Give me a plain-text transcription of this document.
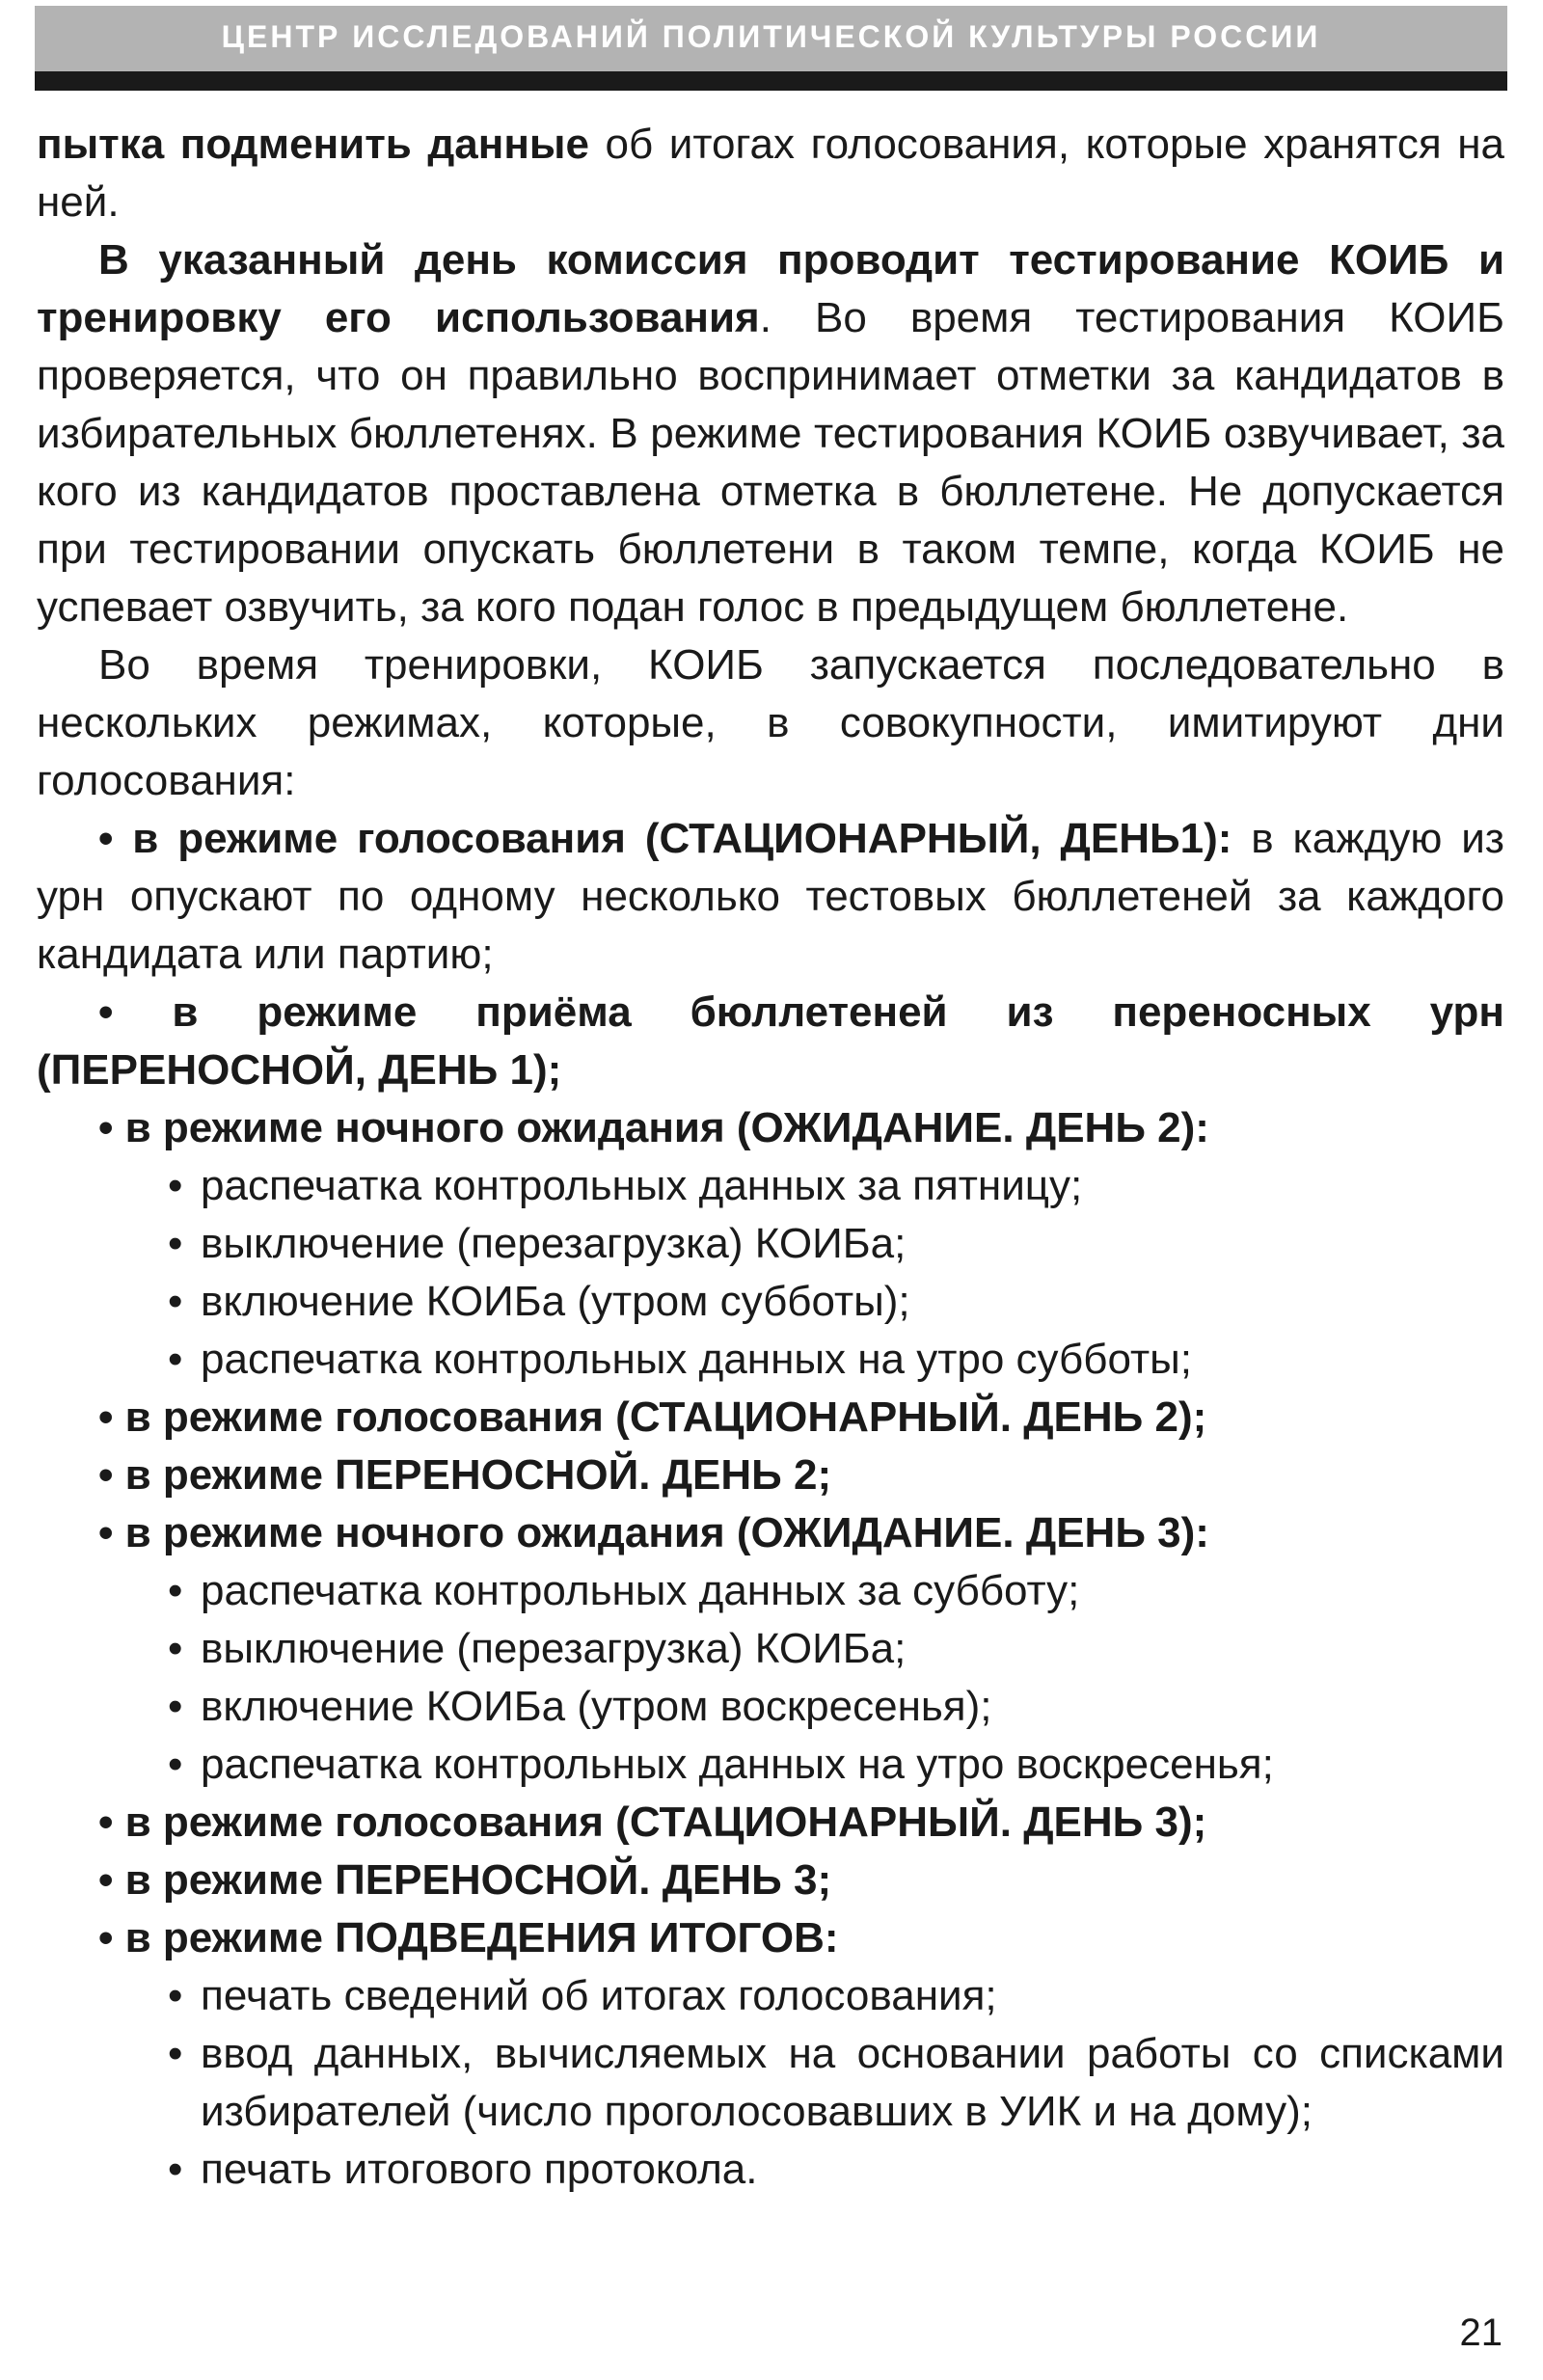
ЦЕНТР ИССЛЕДОВАНИЙ ПОЛИТИЧЕСКОЙ КУЛЬТУРЫ РОССИИ

пытка подменить данные об итогах голосования, которые хранятся на ней.

В указанный день комиссия проводит тестирование КОИБ и тренировку его использования. Во время тестирования КОИБ проверяется, что он правильно воспринимает отметки за кандидатов в избирательных бюллетенях. В режиме тестирования КОИБ озвучивает, за кого из кандидатов проставлена отметка в бюллетене. Не допускается при тестировании опускать бюллетени в таком темпе, когда КОИБ не успевает озвучить, за кого подан голос в предыдущем бюллетене.

Во время тренировки, КОИБ запускается последовательно в нескольких режимах, которые, в совокупности, имитируют дни голосования:

• в режиме голосования (СТАЦИОНАРНЫЙ, ДЕНЬ1): в каждую из урн опускают по одному несколько тестовых бюллетеней за каждого кандидата или партию;

• в режиме приёма бюллетеней из переносных урн (ПЕРЕНОСНОЙ, ДЕНЬ 1);

• в режиме ночного ожидания (ОЖИДАНИЕ. ДЕНЬ 2):

• распечатка контрольных данных за пятницу;

• выключение (перезагрузка) КОИБа;

• включение КОИБа (утром субботы);

• распечатка контрольных данных на утро субботы;

• в режиме голосования (СТАЦИОНАРНЫЙ. ДЕНЬ 2);

• в режиме ПЕРЕНОСНОЙ. ДЕНЬ 2;

• в режиме ночного ожидания (ОЖИДАНИЕ. ДЕНЬ 3):

• распечатка контрольных данных за субботу;

• выключение (перезагрузка) КОИБа;

• включение КОИБа (утром воскресенья);

• распечатка контрольных данных на утро воскресенья;

• в режиме голосования (СТАЦИОНАРНЫЙ. ДЕНЬ 3);

• в режиме ПЕРЕНОСНОЙ. ДЕНЬ 3;

• в режиме ПОДВЕДЕНИЯ ИТОГОВ:

• печать сведений об итогах голосования;

• ввод данных, вычисляемых на основании работы со списками избирателей (число проголосовавших в УИК и на дому);

• печать итогового протокола.

21
